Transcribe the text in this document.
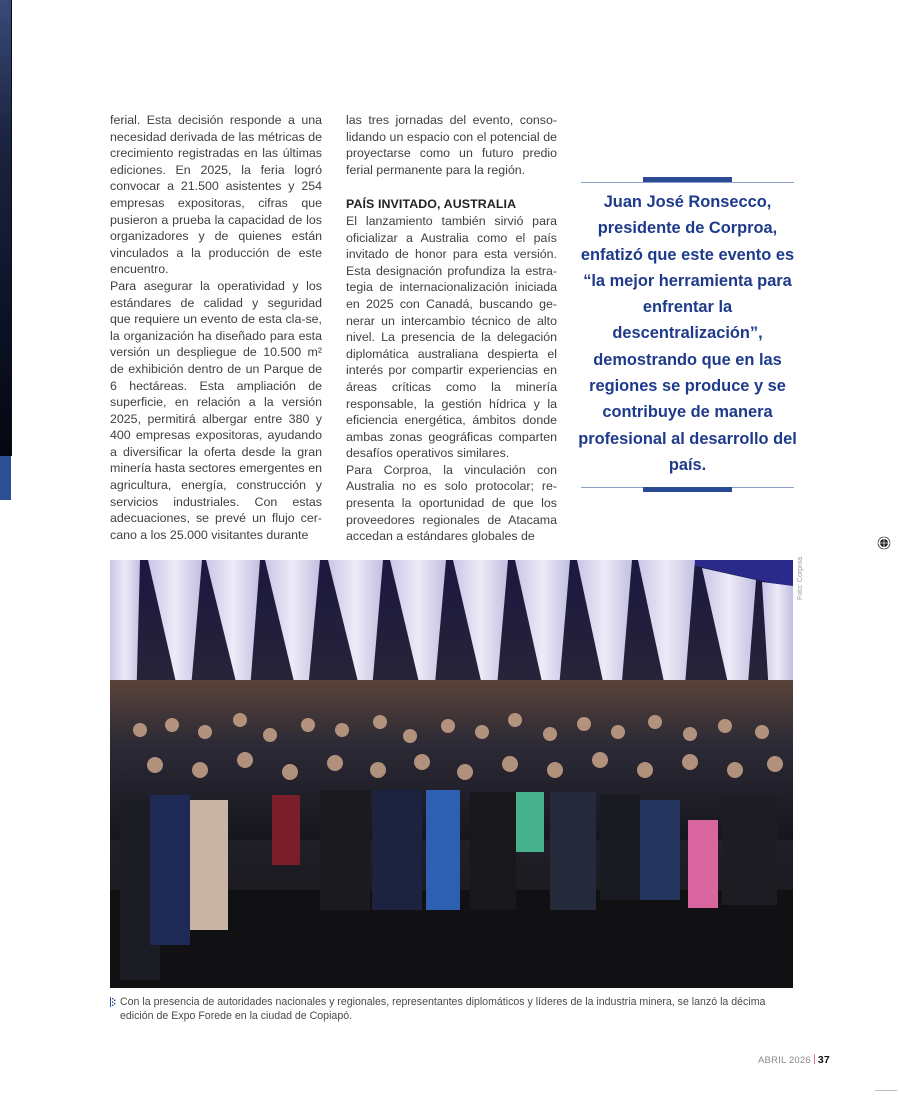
ferial. Esta decisión responde a una necesidad derivada de las métricas de crecimiento registradas en las últimas ediciones. En 2025, la feria logró convocar a 21.500 asistentes y 254 empresas expositoras, cifras que pusieron a prueba la capacidad de los organizadores y de quienes están vinculados a la producción de este encuentro.

Para asegurar la operatividad y los estándares de calidad y seguridad que requiere un evento de esta cla-se, la organización ha diseñado para esta versión un despliegue de 10.500 m² de exhibición dentro de un Parque de 6 hectáreas. Esta ampliación de superficie, en relación a la versión 2025, permitirá albergar entre 380 y 400 empresas expositoras, ayudando a diversificar la oferta desde la gran minería hasta sectores emergentes en agricultura, energía, construcción y servicios industriales. Con estas adecuaciones, se prevé un flujo cer-cano a los 25.000 visitantes durante

las tres jornadas del evento, conso-lidando un espacio con el potencial de proyectarse como un futuro predio ferial permanente para la región.

PAÍS INVITADO, AUSTRALIA

El lanzamiento también sirvió para oficializar a Australia como el país invitado de honor para esta versión. Esta designación profundiza la estra-tegia de internacionalización iniciada en 2025 con Canadá, buscando ge-nerar un intercambio técnico de alto nivel. La presencia de la delegación diplomática australiana despierta el interés por compartir experiencias en áreas críticas como la minería responsable, la gestión hídrica y la eficiencia energética, ámbitos donde ambas zonas geográficas comparten desafíos operativos similares.

Para Corproa, la vinculación con Australia no es solo protocolar; re-presenta la oportunidad de que los proveedores regionales de Atacama accedan a estándares globales de

Juan José Ronsecco, presidente de Corproa, enfatizó que este evento es “la mejor herramienta para enfrentar la descentralización”, demostrando que en las regiones se produce y se contribuye de manera profesional al desarrollo del país.
Foto: Corproa
Con la presencia de autoridades nacionales y regionales, representantes diplomáticos y líderes de la industria minera, se lanzó la décima edición de Expo Forede en la ciudad de Copiapó.
ABRIL 2026 37
